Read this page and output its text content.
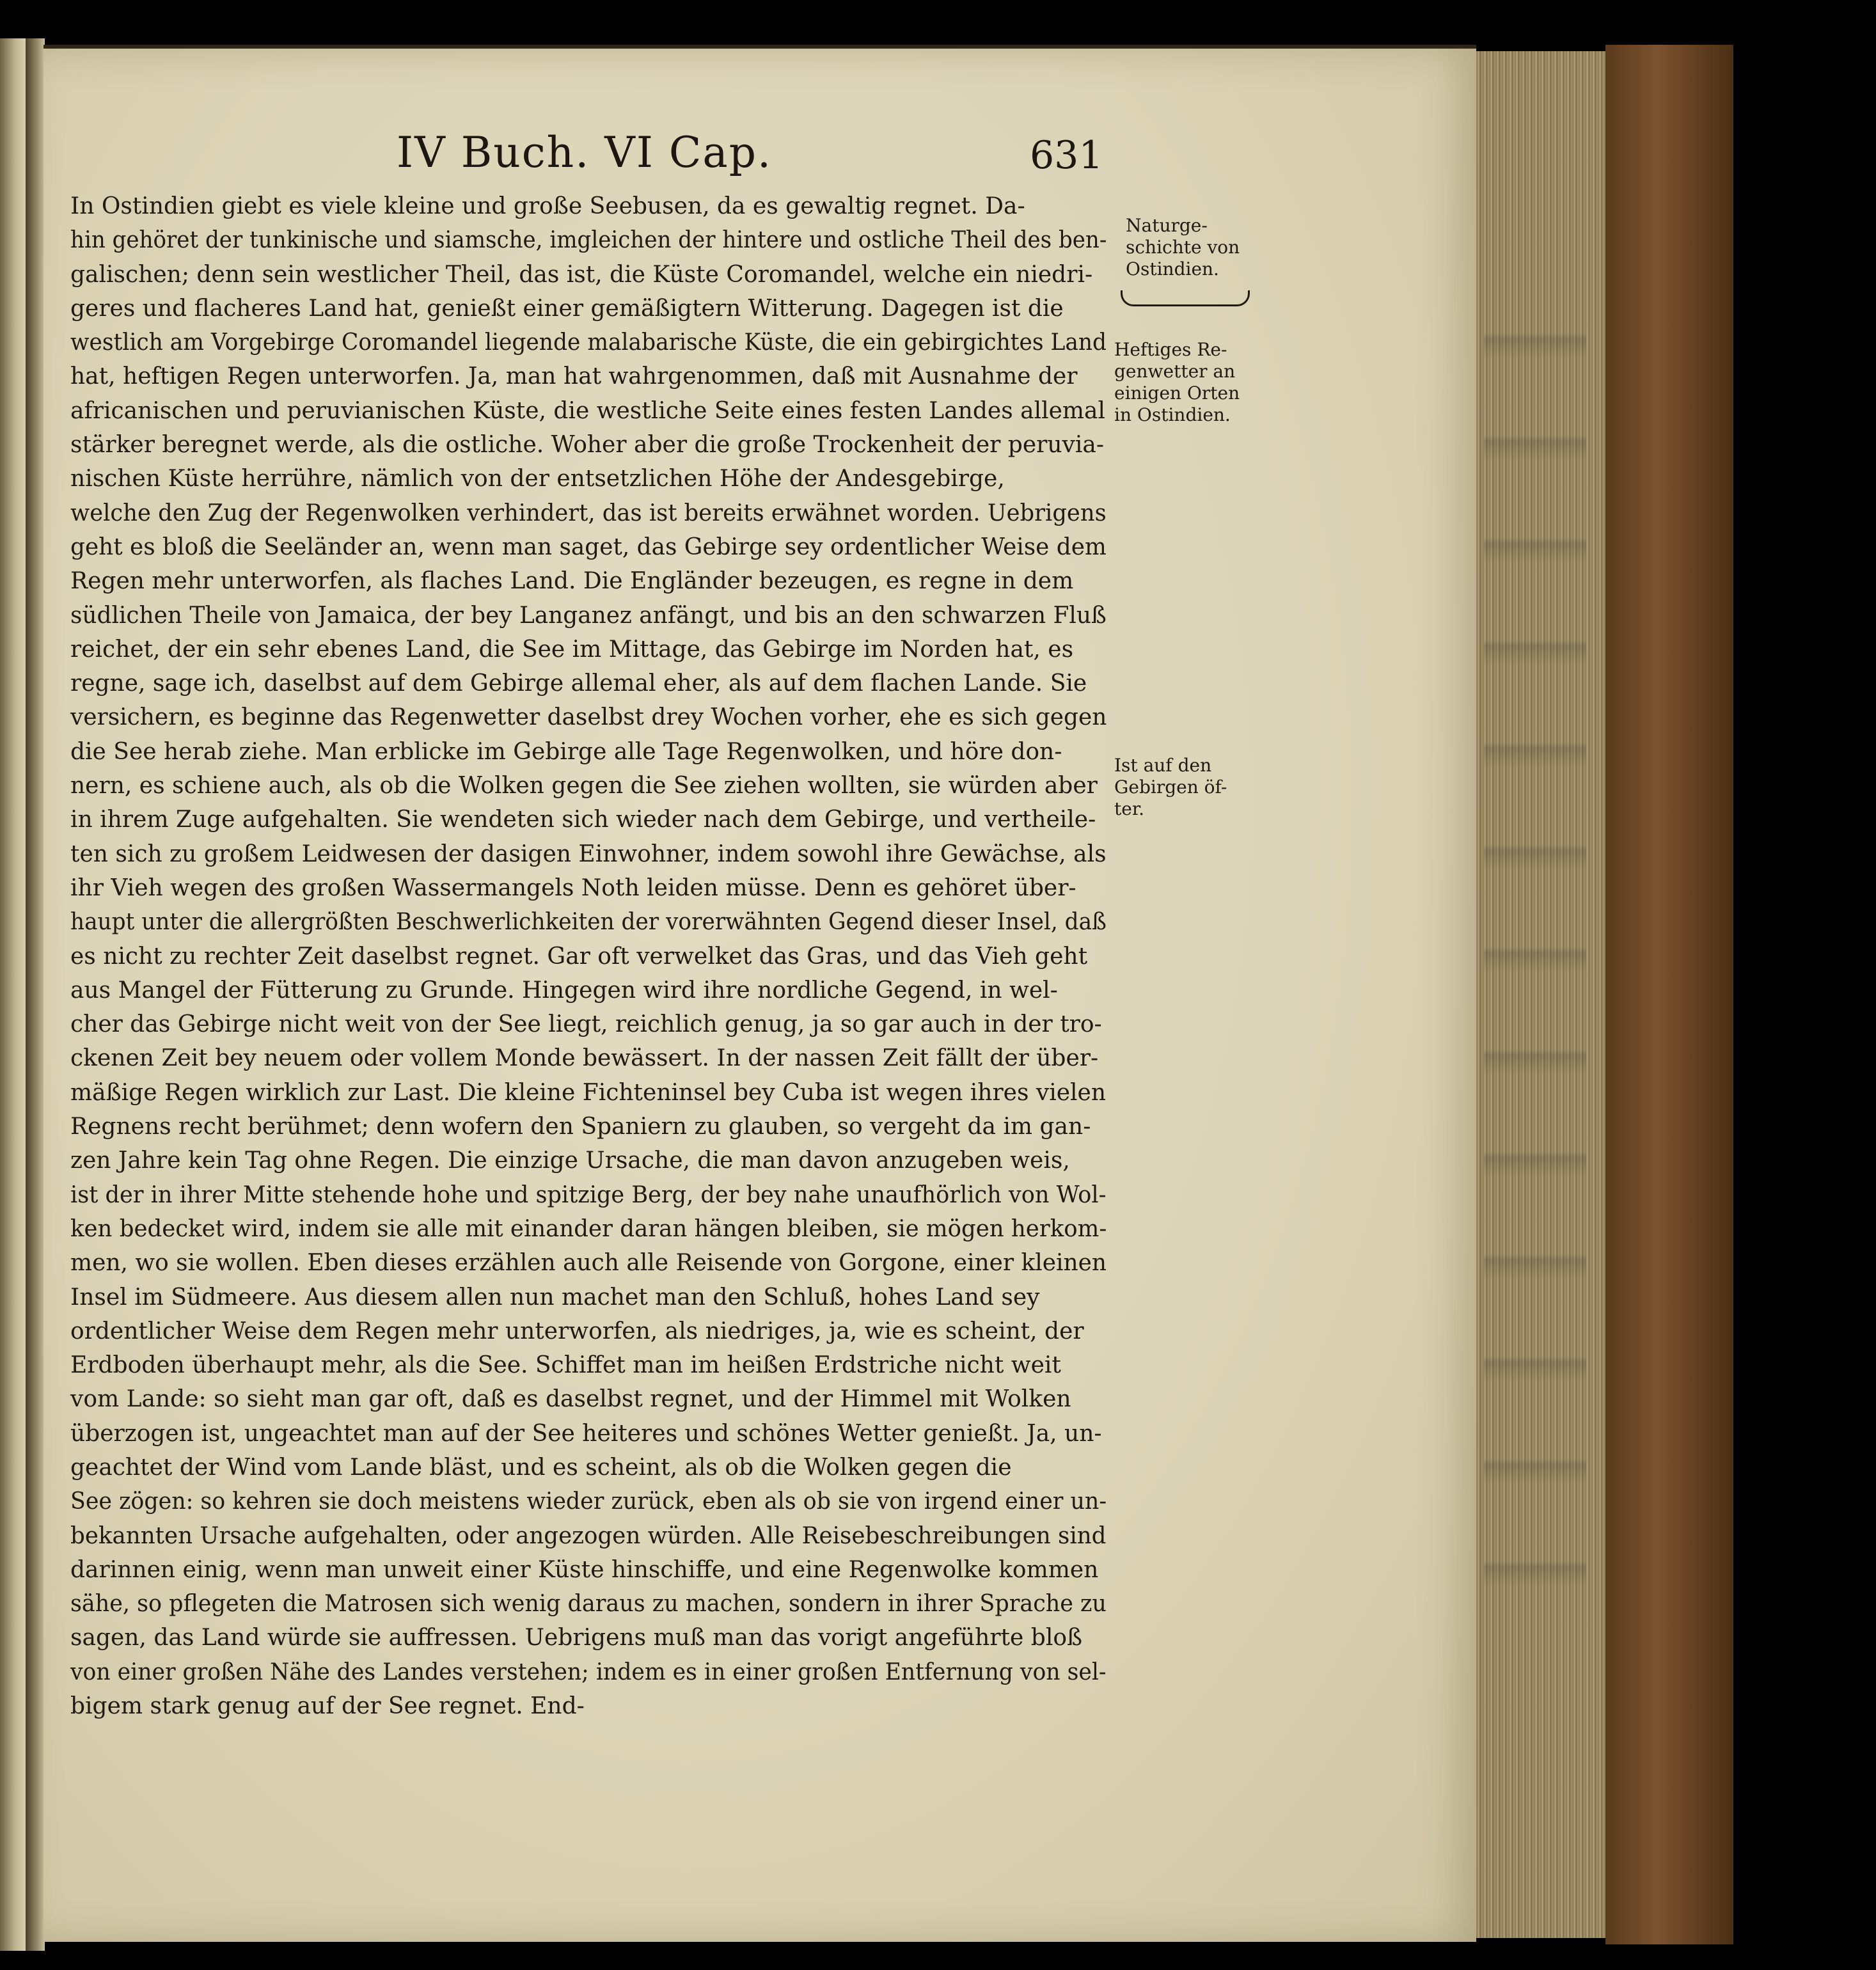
IV Buch. VI Cap.	631
In Ostindien giebt es viele kleine und große Seebusen, da es gewaltig regnet. Da-
hin gehöret der tunkinische und siamsche, imgleichen der hintere und ostliche Theil des ben-
galischen; denn sein westlicher Theil, das ist, die Küste Coromandel, welche ein niedri-
geres und flacheres Land hat, genießt einer gemäßigtern Witterung. Dagegen ist die
westlich am Vorgebirge Coromandel liegende malabarische Küste, die ein gebirgichtes Land
hat, heftigen Regen unterworfen. Ja, man hat wahrgenommen, daß mit Ausnahme der
africanischen und peruvianischen Küste, die westliche Seite eines festen Landes allemal
stärker beregnet werde, als die ostliche. Woher aber die große Trockenheit der peruvia-
nischen Küste herrühre, nämlich von der entsetzlichen Höhe der Andesgebirge,
welche den Zug der Regenwolken verhindert, das ist bereits erwähnet worden. Uebrigens
geht es bloß die Seeländer an, wenn man saget, das Gebirge sey ordentlicher Weise dem
Regen mehr unterworfen, als flaches Land. Die Engländer bezeugen, es regne in dem
südlichen Theile von Jamaica, der bey Langanez anfängt, und bis an den schwarzen Fluß
reichet, der ein sehr ebenes Land, die See im Mittage, das Gebirge im Norden hat, es
regne, sage ich, daselbst auf dem Gebirge allemal eher, als auf dem flachen Lande. Sie
versichern, es beginne das Regenwetter daselbst drey Wochen vorher, ehe es sich gegen
die See herab ziehe. Man erblicke im Gebirge alle Tage Regenwolken, und höre don-
nern, es schiene auch, als ob die Wolken gegen die See ziehen wollten, sie würden aber
in ihrem Zuge aufgehalten. Sie wendeten sich wieder nach dem Gebirge, und vertheile-
ten sich zu großem Leidwesen der dasigen Einwohner, indem sowohl ihre Gewächse, als
ihr Vieh wegen des großen Wassermangels Noth leiden müsse. Denn es gehöret über-
haupt unter die allergrößten Beschwerlichkeiten der vorerwähnten Gegend dieser Insel, daß
es nicht zu rechter Zeit daselbst regnet. Gar oft verwelket das Gras, und das Vieh geht
aus Mangel der Fütterung zu Grunde. Hingegen wird ihre nordliche Gegend, in wel-
cher das Gebirge nicht weit von der See liegt, reichlich genug, ja so gar auch in der tro-
ckenen Zeit bey neuem oder vollem Monde bewässert. In der nassen Zeit fällt der über-
mäßige Regen wirklich zur Last. Die kleine Fichteninsel bey Cuba ist wegen ihres vielen
Regnens recht berühmet; denn wofern den Spaniern zu glauben, so vergeht da im gan-
zen Jahre kein Tag ohne Regen. Die einzige Ursache, die man davon anzugeben weis,
ist der in ihrer Mitte stehende hohe und spitzige Berg, der bey nahe unaufhörlich von Wol-
ken bedecket wird, indem sie alle mit einander daran hängen bleiben, sie mögen herkom-
men, wo sie wollen. Eben dieses erzählen auch alle Reisende von Gorgone, einer kleinen
Insel im Südmeere. Aus diesem allen nun machet man den Schluß, hohes Land sey
ordentlicher Weise dem Regen mehr unterworfen, als niedriges, ja, wie es scheint, der
Erdboden überhaupt mehr, als die See. Schiffet man im heißen Erdstriche nicht weit
vom Lande: so sieht man gar oft, daß es daselbst regnet, und der Himmel mit Wolken
überzogen ist, ungeachtet man auf der See heiteres und schönes Wetter genießt. Ja, un-
geachtet der Wind vom Lande bläst, und es scheint, als ob die Wolken gegen die
See zögen: so kehren sie doch meistens wieder zurück, eben als ob sie von irgend einer un-
bekannten Ursache aufgehalten, oder angezogen würden. Alle Reisebeschreibungen sind
darinnen einig, wenn man unweit einer Küste hinschiffe, und eine Regenwolke kommen
sähe, so pflegeten die Matrosen sich wenig daraus zu machen, sondern in ihrer Sprache zu
sagen, das Land würde sie auffressen. Uebrigens muß man das vorigt angeführte bloß
von einer großen Nähe des Landes verstehen; indem es in einer großen Entfernung von sel-
bigem stark genug auf der See regnet. End-
Naturge-
schichte von
Ostindien.
Heftiges Re-
genwetter an
einigen Orten
in Ostindien.
Ist auf den
Gebirgen öf-
ter.
